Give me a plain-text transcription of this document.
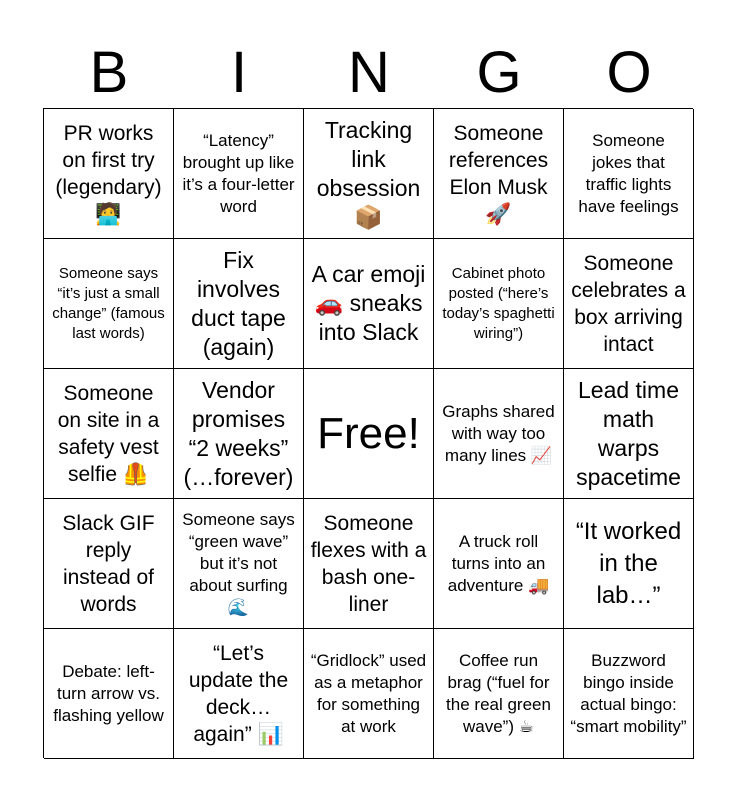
B	I	N	G	O
PR works on first try (legendary) 🧑‍💻
“Latency” brought up like it’s a four-letter word
Tracking link obsession 📦
Someone references Elon Musk 🚀
Someone jokes that traffic lights have feelings
Someone says “it’s just a small change” (famous last words)
Fix involves duct tape (again)
A car emoji 🚗 sneaks into Slack
Cabinet photo posted (“here’s today’s spaghetti wiring”)
Someone celebrates a box arriving intact
Someone on site in a safety vest selfie 🦺
Vendor promises “2 weeks” (…forever)
Free! Graphs shared with way too many lines 📈
Lead time math warps spacetime
Slack GIF reply instead of words
Someone says “green wave” but it’s not about surfing 🌊
Someone flexes with a bash one-liner
A truck roll turns into an adventure 🚚
“It worked in the lab…”
Debate: left-turn arrow vs. flashing yellow
“Let’s update the deck… again” 📊
“Gridlock” used as a metaphor for something at work
Coffee run brag (“fuel for the real green wave”) ☕
Buzzword bingo inside actual bingo: “smart mobility”
